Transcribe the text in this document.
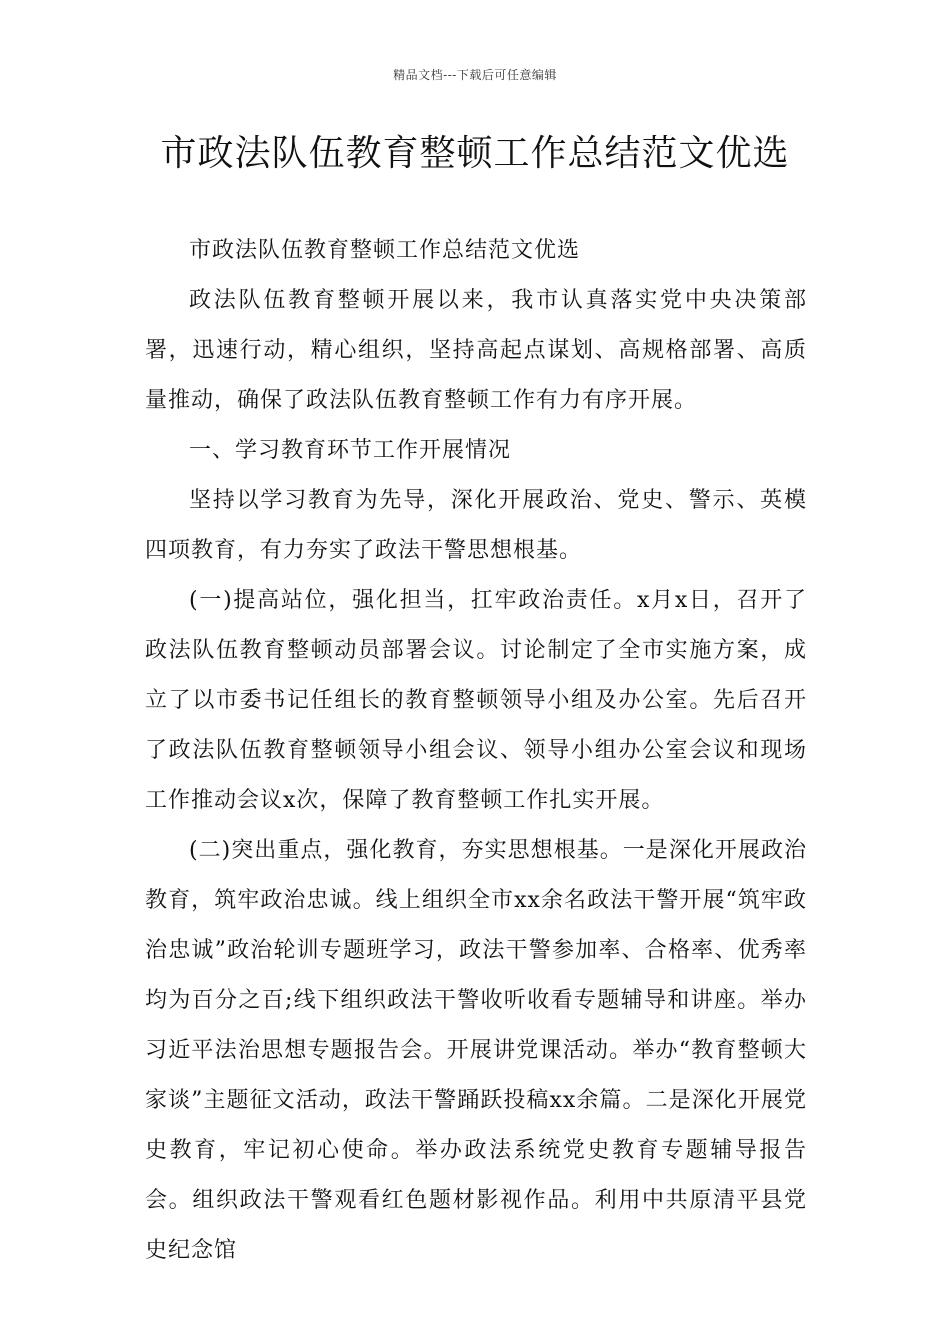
精品文档---下载后可任意编辑
市政法队伍教育整顿工作总结范文优选

市政法队伍教育整顿工作总结范文优选

政法队伍教育整顿开展以来，我市认真落实党中央决策部署，迅速行动，精心组织，坚持高起点谋划、高规格部署、高质量推动，确保了政法队伍教育整顿工作有力有序开展。

一、学习教育环节工作开展情况

坚持以学习教育为先导，深化开展政治、党史、警示、英模四项教育，有力夯实了政法干警思想根基。

(一)提高站位，强化担当，扛牢政治责任。x月x日，召开了政法队伍教育整顿动员部署会议。讨论制定了全市实施方案，成立了以市委书记任组长的教育整顿领导小组及办公室。先后召开了政法队伍教育整顿领导小组会议、领导小组办公室会议和现场工作推动会议x次，保障了教育整顿工作扎实开展。

(二)突出重点，强化教育，夯实思想根基。一是深化开展政治教育，筑牢政治忠诚。线上组织全市xx余名政法干警开展“筑牢政治忠诚”政治轮训专题班学习，政法干警参加率、合格率、优秀率均为百分之百;线下组织政法干警收听收看专题辅导和讲座。举办习近平法治思想专题报告会。开展讲党课活动。举办“教育整顿大家谈”主题征文活动，政法干警踊跃投稿xx余篇。二是深化开展党史教育，牢记初心使命。举办政法系统党史教育专题辅导报告会。组织政法干警观看红色题材影视作品。利用中共原清平县党史纪念馆
